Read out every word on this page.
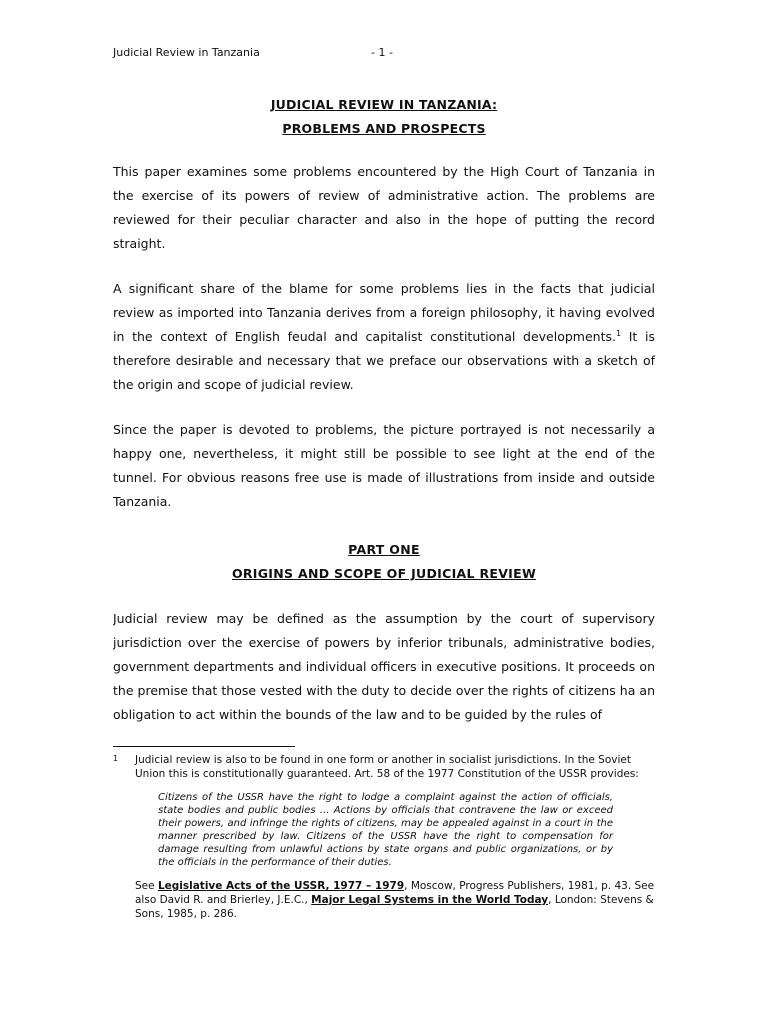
Judicial Review in Tanzania	- 1 -
JUDICIAL REVIEW IN TANZANIA:
PROBLEMS AND PROSPECTS
This paper examines some problems encountered by the High Court of Tanzania in the exercise of its powers of review of administrative action. The problems are reviewed for their peculiar character and also in the hope of putting the record straight.
A significant share of the blame for some problems lies in the facts that judicial review as imported into Tanzania derives from a foreign philosophy, it having evolved in the context of English feudal and capitalist constitutional developments.$^1$ It is therefore desirable and necessary that we preface our observations with a sketch of the origin and scope of judicial review.
Since the paper is devoted to problems, the picture portrayed is not necessarily a happy one, nevertheless, it might still be possible to see light at the end of the tunnel. For obvious reasons free use is made of illustrations from inside and outside Tanzania.
PART ONE
ORIGINS AND SCOPE OF JUDICIAL REVIEW
Judicial review may be defined as the assumption by the court of supervisory jurisdiction over the exercise of powers by inferior tribunals, administrative bodies, government departments and individual officers in executive positions. It proceeds on the premise that those vested with the duty to decide over the rights of citizens ha an obligation to act within the bounds of the law and to be guided by the rules of
1 Judicial review is also to be found in one form or another in socialist jurisdictions. In the Soviet Union this is constitutionally guaranteed. Art. 58 of the 1977 Constitution of the USSR provides:
Citizens of the USSR have the right to lodge a complaint against the action of officials, state bodies and public bodies ... Actions by officials that contravene the law or exceed their powers, and infringe the rights of citizens, may be appealed against in a court in the manner prescribed by law. Citizens of the USSR have the right to compensation for damage resulting from unlawful actions by state organs and public organizations, or by the officials in the performance of their duties.
See Legislative Acts of the USSR, 1977 – 1979, Moscow, Progress Publishers, 1981, p. 43. See also David R. and Brierley, J.E.C., Major Legal Systems in the World Today, London: Stevens & Sons, 1985, p. 286.
